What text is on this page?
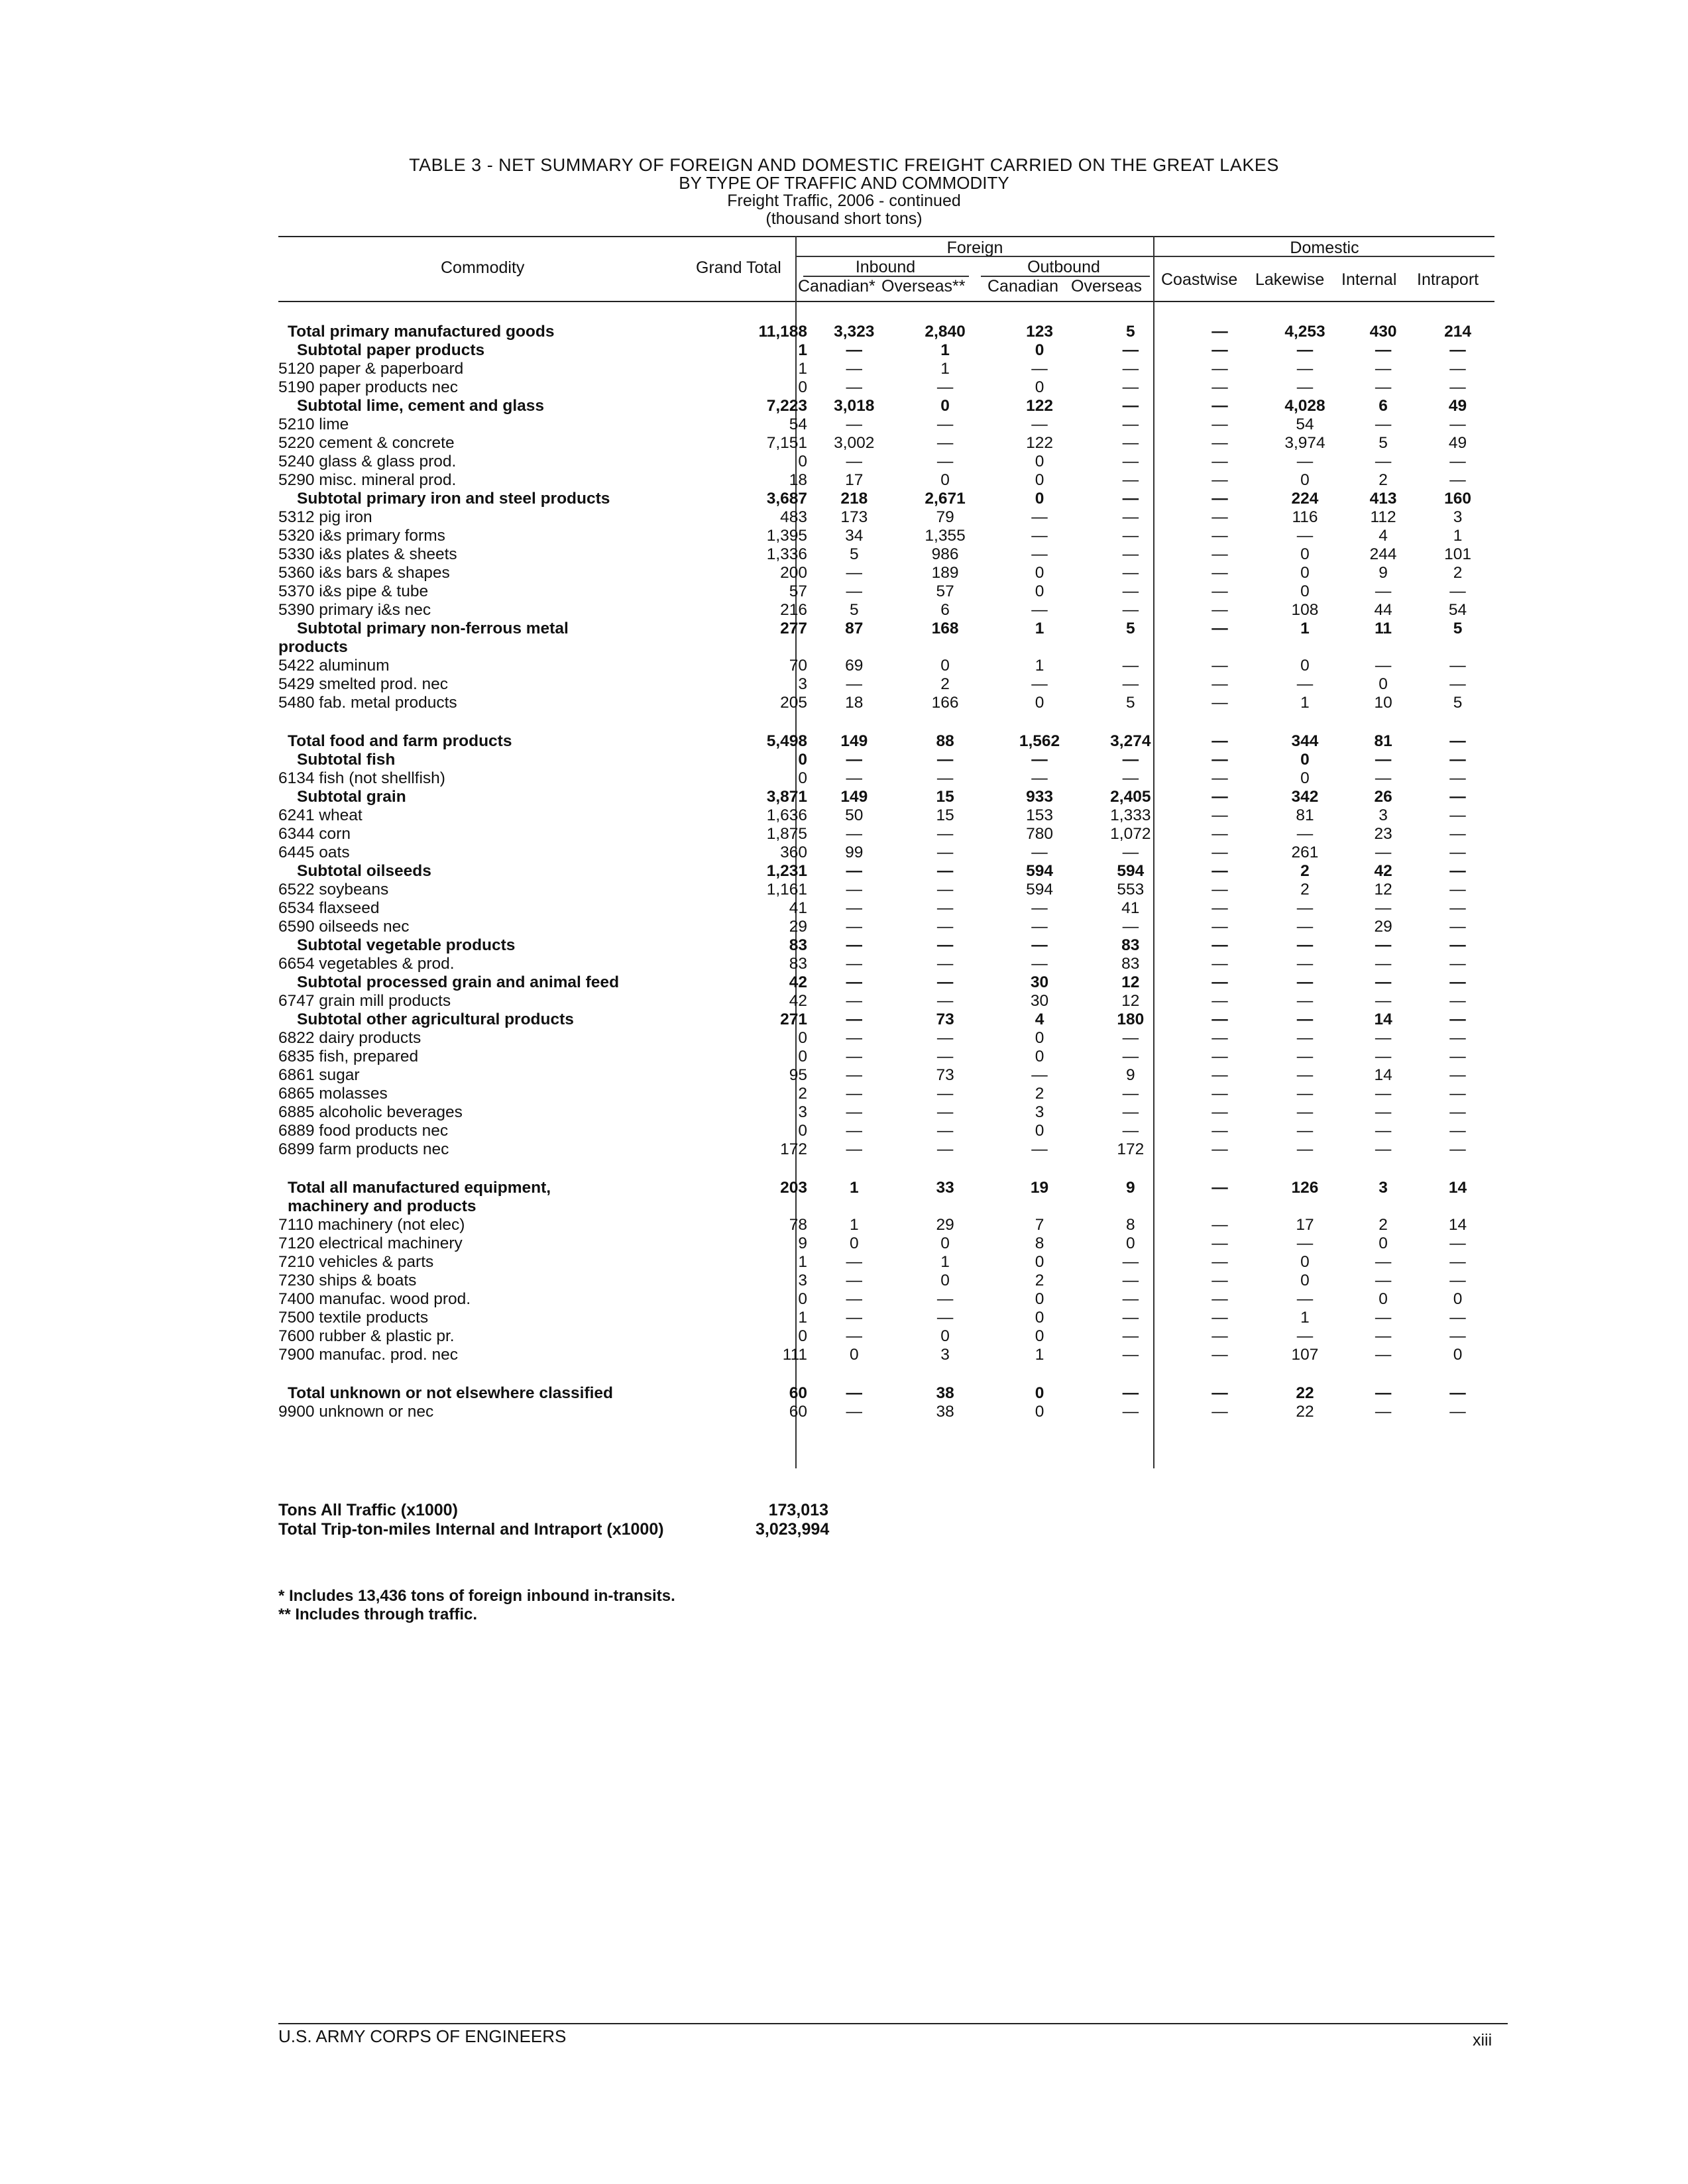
TABLE 3 - NET SUMMARY OF FOREIGN AND DOMESTIC FREIGHT CARRIED ON THE GREAT LAKES
BY TYPE OF TRAFFIC AND COMMODITY
Freight Traffic, 2006 - continued
(thousand short tons)
Commodity	Grand Total
Foreign
Inbound	Outbound
Canadian* Overseas** Canadian Overseas
Domestic
Coastwise Lakewise Internal Intraport
Total primary manufactured goods	11,188	3,323	2,840	123	5	—	4,253	430	214
Subtotal paper products	1	—	1	0	—	—	—	—	—
5120 paper & paperboard	1	—	1	—	—	—	—	—	—
5190 paper products nec	0	—	—	0	—	—	—	—	—
Subtotal lime, cement and glass	7,223	3,018	0	122	—	—	4,028	6	49
5210 lime	54	—	—	—	—	—	54	—	—
5220 cement & concrete	7,151	3,002	—	122	—	—	3,974	5	49
5240 glass & glass prod.	0	—	—	0	—	—	—	—	—
5290 misc. mineral prod.	18	17	0	0	—	—	0	2	—
Subtotal primary iron and steel products	3,687	218	2,671	0	—	—	224	413	160
5312 pig iron	483	173	79	—	—	—	116	112	3
5320 i&s primary forms	1,395	34	1,355	—	—	—	—	4	1
5330 i&s plates & sheets	1,336	5	986	—	—	—	0	244	101
5360 i&s bars & shapes	200	—	189	0	—	—	0	9	2
5370 i&s pipe & tube	57	—	57	0	—	—	0	—	—
5390 primary i&s nec	216	5	6	—	—	—	108	44	54
Subtotal primary non-ferrous metal	277	87	168	1	5	—	1	11	5
products									
5422 aluminum	70	69	0	1	—	—	0	—	—
5429 smelted prod. nec	3	—	2	—	—	—	—	0	—
5480 fab. metal products	205	18	166	0	5	—	1	10	5

Total food and farm products	5,498	149	88	1,562	3,274	—	344	81	—
Subtotal fish	0	—	—	—	—	—	0	—	—
6134 fish (not shellfish)	0	—	—	—	—	—	0	—	—
Subtotal grain	3,871	149	15	933	2,405	—	342	26	—
6241 wheat	1,636	50	15	153	1,333	—	81	3	—
6344 corn	1,875	—	—	780	1,072	—	—	23	—
6445 oats	360	99	—	—	—	—	261	—	—
Subtotal oilseeds	1,231	—	—	594	594	—	2	42	—
6522 soybeans	1,161	—	—	594	553	—	2	12	—
6534 flaxseed	41	—	—	—	41	—	—	—	—
6590 oilseeds nec	29	—	—	—	—	—	—	29	—
Subtotal vegetable products	83	—	—	—	83	—	—	—	—
6654 vegetables & prod.	83	—	—	—	83	—	—	—	—
Subtotal processed grain and animal feed	42	—	—	30	12	—	—	—	—
6747 grain mill products	42	—	—	30	12	—	—	—	—
Subtotal other agricultural products	271	—	73	4	180	—	—	14	—
6822 dairy products	0	—	—	0	—	—	—	—	—
6835 fish, prepared	0	—	—	0	—	—	—	—	—
6861 sugar	95	—	73	—	9	—	—	14	—
6865 molasses	2	—	—	2	—	—	—	—	—
6885 alcoholic beverages	3	—	—	3	—	—	—	—	—
6889 food products nec	0	—	—	0	—	—	—	—	—
6899 farm products nec	172	—	—	—	172	—	—	—	—

Total all manufactured equipment,	203	1	33	19	9	—	126	3	14
machinery and products									
7110 machinery (not elec)	78	1	29	7	8	—	17	2	14
7120 electrical machinery	9	0	0	8	0	—	—	0	—
7210 vehicles & parts	1	—	1	0	—	—	0	—	—
7230 ships & boats	3	—	0	2	—	—	0	—	—
7400 manufac. wood prod.	0	—	—	0	—	—	—	0	0
7500 textile products	1	—	—	0	—	—	1	—	—
7600 rubber & plastic pr.	0	—	0	0	—	—	—	—	—
7900 manufac. prod. nec	111	0	3	1	—	—	107	—	0

Total unknown or not elsewhere classified	60	—	38	0	—	—	22	—	—
9900 unknown or nec	60	—	38	0	—	—	22	—	—
Tons All Traffic (x1000)	173,013
Total Trip-ton-miles Internal and Intraport (x1000)	3,023,994
* Includes 13,436 tons of foreign inbound in-transits.
** Includes through traffic.
U.S. ARMY CORPS OF ENGINEERS	xiii
